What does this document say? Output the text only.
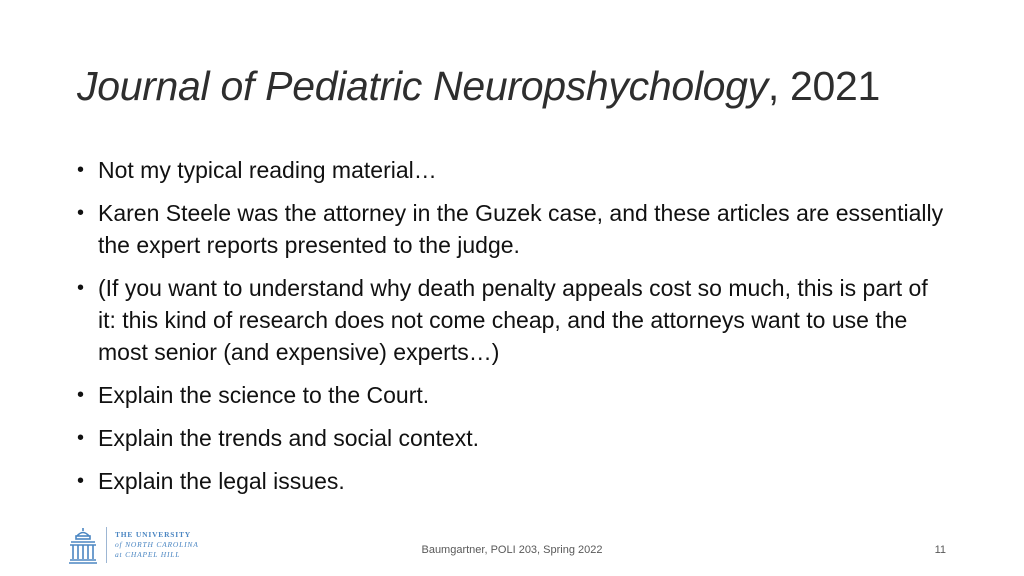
Journal of Pediatric Neuropshychology, 2021
• Not my typical reading material…
• Karen Steele was the attorney in the Guzek case, and these articles are essentially the expert reports presented to the judge.
• (If you want to understand why death penalty appeals cost so much, this is part of it: this kind of research does not come cheap, and the attorneys want to use the most senior (and expensive) experts…)
• Explain the science to the Court.
• Explain the trends and social context.
• Explain the legal issues.
THE UNIVERSITY
of NORTH CAROLINA
at CHAPEL HILL	Baumgartner, POLI 203, Spring 2022	11
